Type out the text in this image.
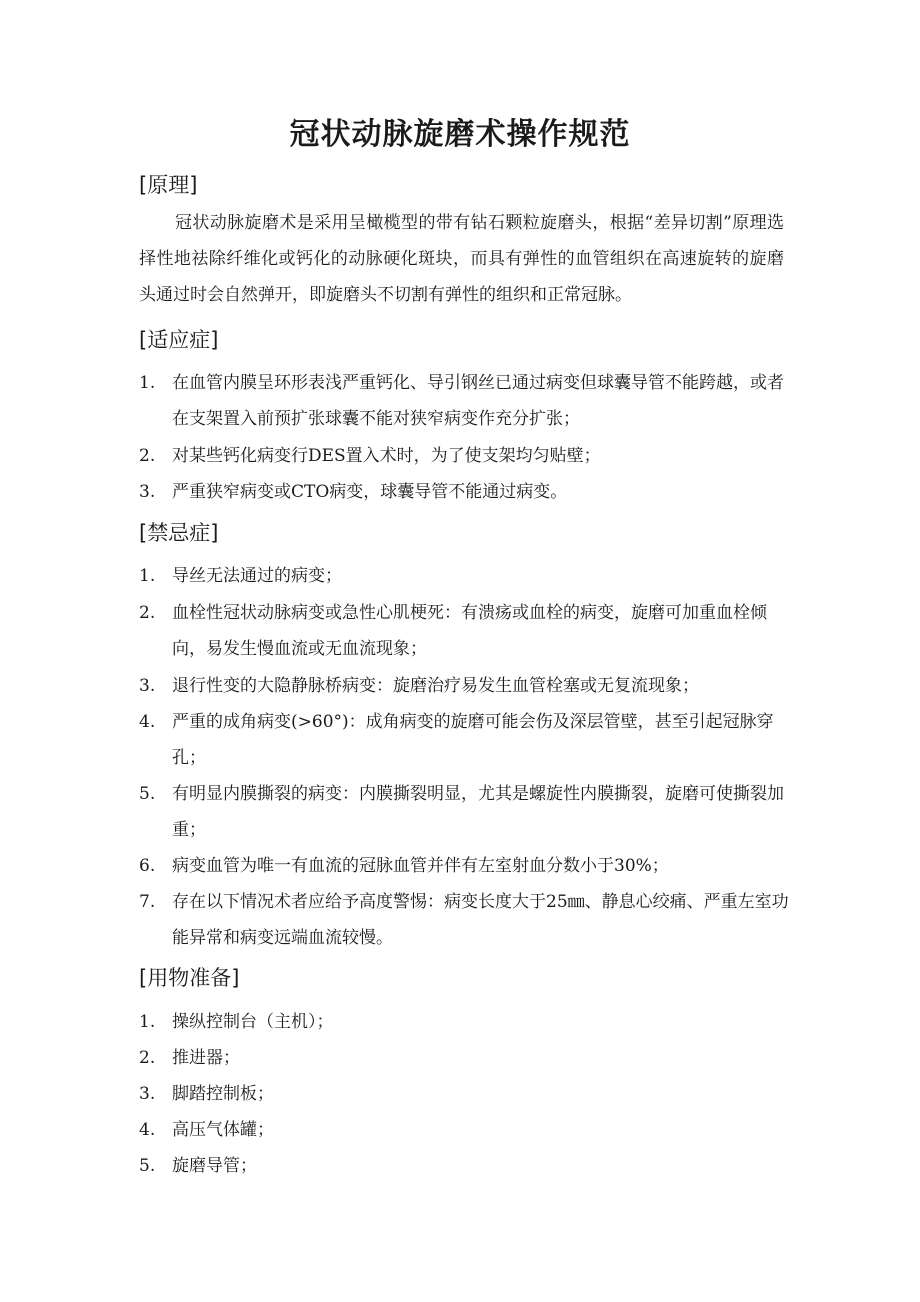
冠状动脉旋磨术操作规范
[原理]

冠状动脉旋磨术是采用呈橄榄型的带有钻石颗粒旋磨头，根据“差异切割”原理选择性地祛除纤维化或钙化的动脉硬化斑块，而具有弹性的血管组织在高速旋转的旋磨头通过时会自然弹开，即旋磨头不切割有弹性的组织和正常冠脉。

[适应症]
1. 在血管内膜呈环形表浅严重钙化、导引钢丝已通过病变但球囊导管不能跨越，或者在支架置入前预扩张球囊不能对狭窄病变作充分扩张；
2. 对某些钙化病变行DES置入术时，为了使支架均匀贴壁；
3. 严重狭窄病变或CTO病变，球囊导管不能通过病变。
[禁忌症]
1. 导丝无法通过的病变；
2. 血栓性冠状动脉病变或急性心肌梗死：有溃疡或血栓的病变，旋磨可加重血栓倾向，易发生慢血流或无血流现象；
3. 退行性变的大隐静脉桥病变：旋磨治疗易发生血管栓塞或无复流现象；
4. 严重的成角病变(>60°)：成角病变的旋磨可能会伤及深层管壁，甚至引起冠脉穿孔；
5. 有明显内膜撕裂的病变：内膜撕裂明显，尤其是螺旋性内膜撕裂，旋磨可使撕裂加重；
6. 病变血管为唯一有血流的冠脉血管并伴有左室射血分数小于30%；
7. 存在以下情况术者应给予高度警惕：病变长度大于25㎜、静息心绞痛、严重左室功能异常和病变远端血流较慢。
[用物准备]
1. 操纵控制台（主机）；
2. 推进器；
3. 脚踏控制板；
4. 高压气体罐；
5. 旋磨导管；
